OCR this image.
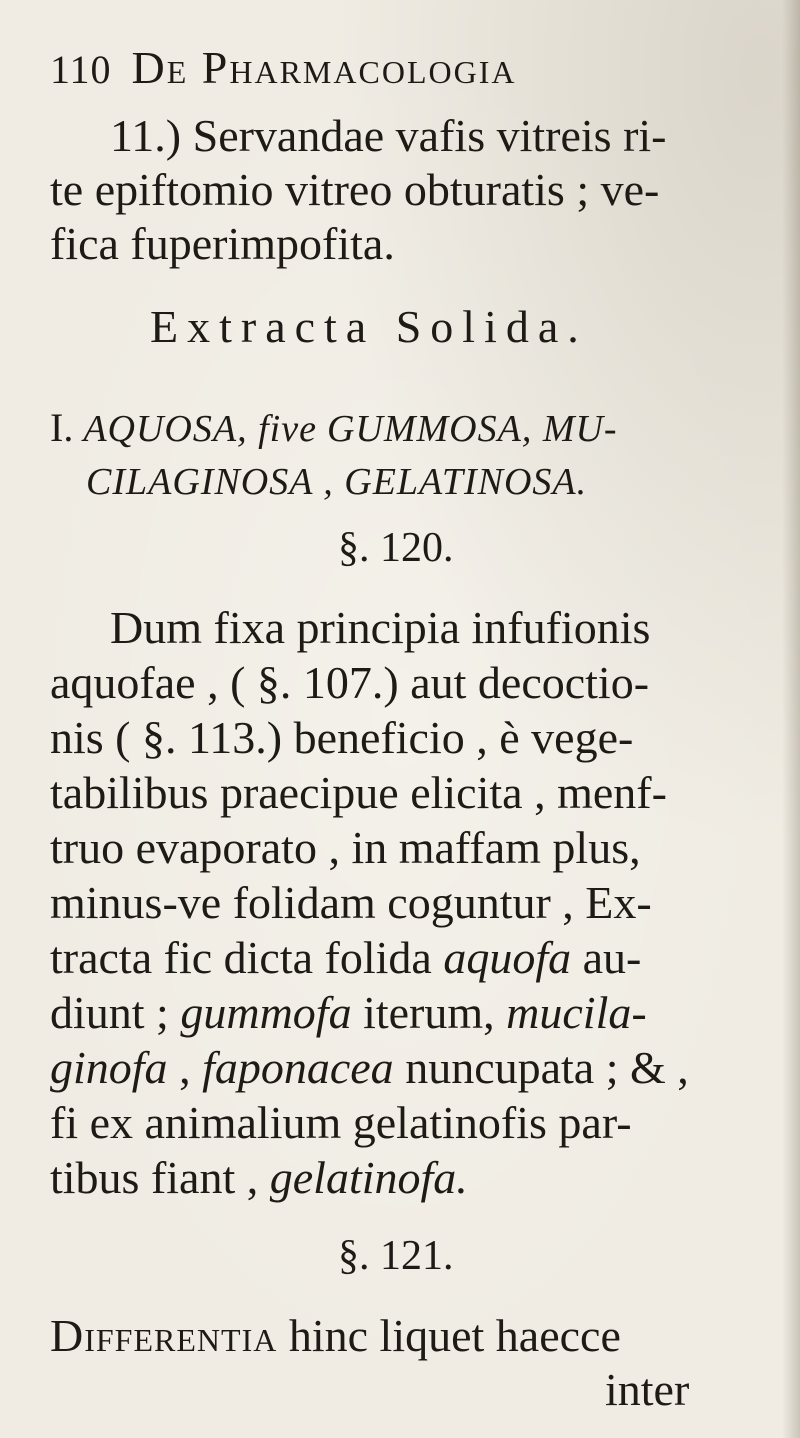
110 De Pharmacologia
11.) Servandae vafis vitreis ri-
te epiftomio vitreo obturatis ; ve-
fica fuperimpofita.
Extracta Solida.
I. AQUOSA, five GUMMOSA, MU-
CILAGINOSA , GELATINOSA.
§. 120.
Dum fixa principia infufionis
aquofae , ( §. 107.) aut decoctio-
nis ( §. 113.) beneficio , è vege-
tabilibus praecipue elicita , menf-
truo evaporato , in maffam plus,
minus-ve folidam coguntur , Ex-
tracta fic dicta folida aquofa au-
diunt ; gummofa iterum, mucila-
ginofa , faponacea nuncupata ; & ,
fi ex animalium gelatinofis par-
tibus fiant , gelatinofa.
§. 121.
Differentia hinc liquet haecce
inter
